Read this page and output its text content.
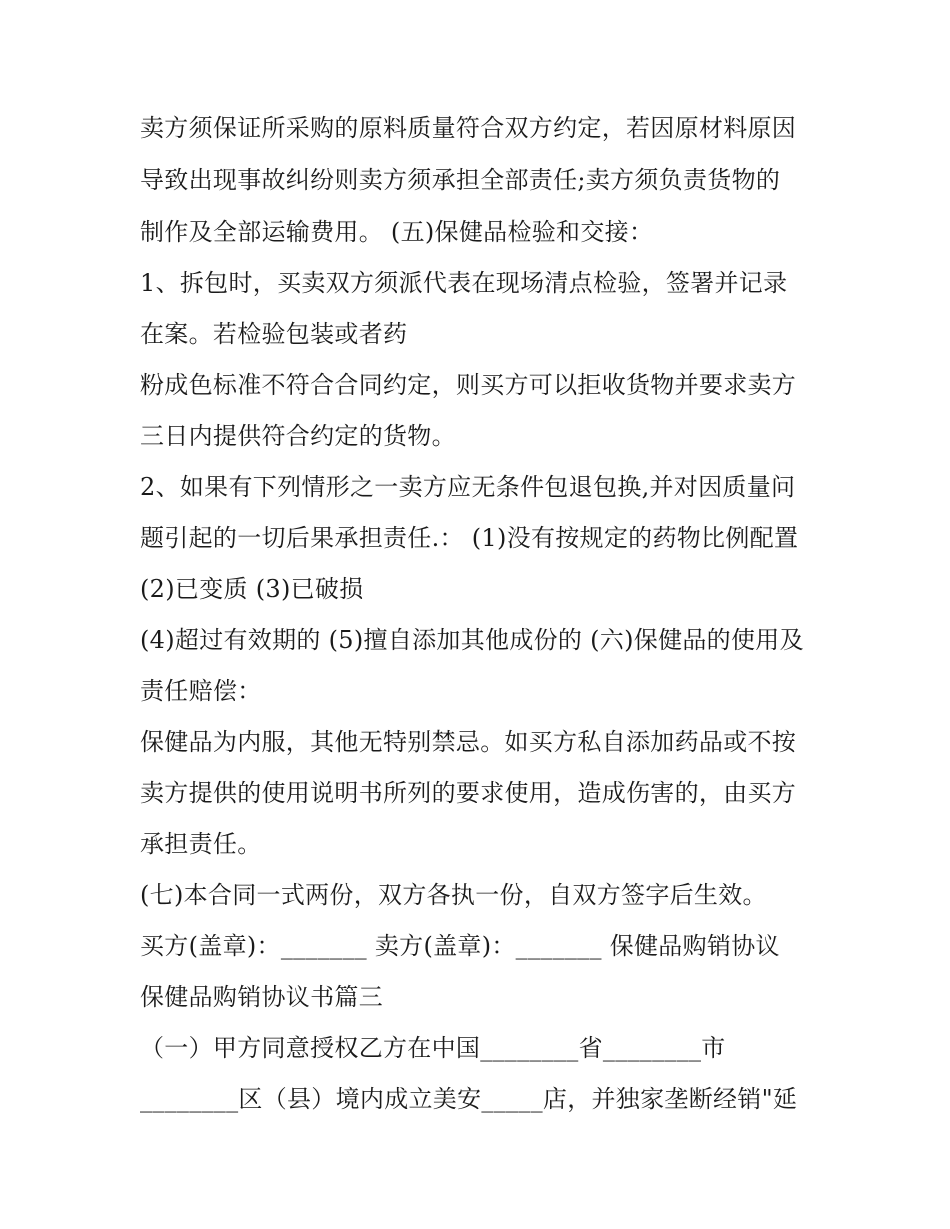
卖方须保证所采购的原料质量符合双方约定，若因原材料原因

导致出现事故纠纷则卖方须承担全部责任;卖方须负责货物的

制作及全部运输费用。 (五)保健品检验和交接：

1、拆包时，买卖双方须派代表在现场清点检验，签署并记录

在案。若检验包装或者药

粉成色标准不符合合同约定，则买方可以拒收货物并要求卖方

三日内提供符合约定的货物。

2、如果有下列情形之一卖方应无条件包退包换,并对因质量问

题引起的一切后果承担责任.： (1)没有按规定的药物比例配置

(2)已变质 (3)已破损

(4)超过有效期的 (5)擅自添加其他成份的 (六)保健品的使用及

责任赔偿：

保健品为内服，其他无特别禁忌。如买方私自添加药品或不按

卖方提供的使用说明书所列的要求使用，造成伤害的，由买方

承担责任。

(七)本合同一式两份，双方各执一份，自双方签字后生效。

买方(盖章)：_______ 卖方(盖章)：_______ 保健品购销协议

保健品购销协议书篇三

（一）甲方同意授权乙方在中国________省________市

________区（县）境内成立美安_____店，并独家垄断经销"延
